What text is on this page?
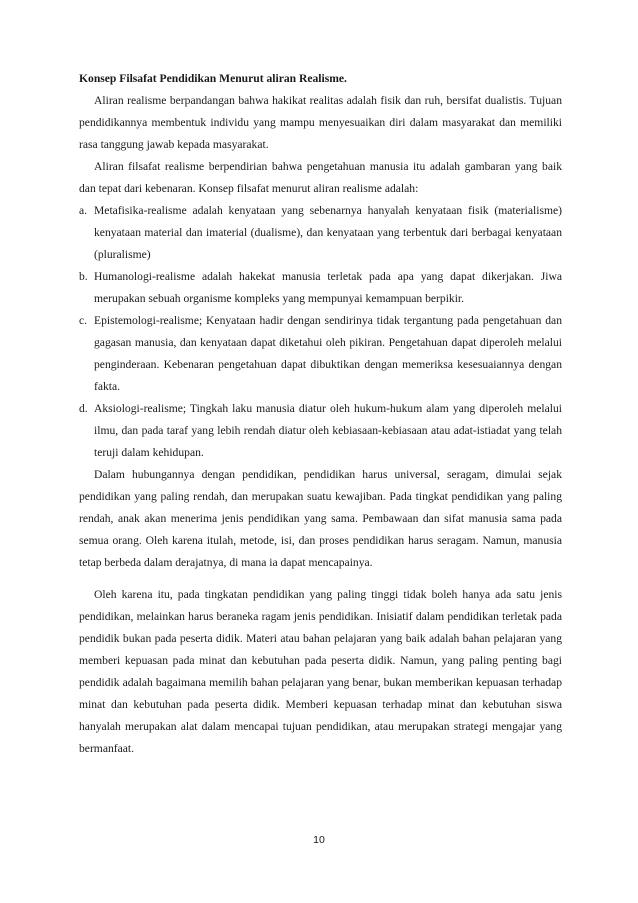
Konsep Filsafat Pendidikan Menurut aliran Realisme.

Aliran realisme berpandangan bahwa hakikat realitas adalah fisik dan ruh, bersifat dualistis. Tujuan pendidikannya membentuk individu yang mampu menyesuaikan diri dalam masyarakat dan memiliki rasa tanggung jawab kepada masyarakat.

Aliran filsafat realisme berpendirian bahwa pengetahuan manusia itu adalah gambaran yang baik dan tepat dari kebenaran. Konsep filsafat menurut aliran realisme adalah:

a. Metafisika-realisme adalah kenyataan yang sebenarnya hanyalah kenyataan fisik (materialisme) kenyataan material dan imaterial (dualisme), dan kenyataan yang terbentuk dari berbagai kenyataan (pluralisme)
b. Humanologi-realisme adalah hakekat manusia terletak pada apa yang dapat dikerjakan. Jiwa merupakan sebuah organisme kompleks yang mempunyai kemampuan berpikir.
c. Epistemologi-realisme; Kenyataan hadir dengan sendirinya tidak tergantung pada pengetahuan dan gagasan manusia, dan kenyataan dapat diketahui oleh pikiran. Pengetahuan dapat diperoleh melalui penginderaan. Kebenaran pengetahuan dapat dibuktikan dengan memeriksa kesesuaiannya dengan fakta.
d. Aksiologi-realisme; Tingkah laku manusia diatur oleh hukum-hukum alam yang diperoleh melalui ilmu, dan pada taraf yang lebih rendah diatur oleh kebiasaan-kebiasaan atau adat-istiadat yang telah teruji dalam kehidupan.

Dalam hubungannya dengan pendidikan, pendidikan harus universal, seragam, dimulai sejak pendidikan yang paling rendah, dan merupakan suatu kewajiban. Pada tingkat pendidikan yang paling rendah, anak akan menerima jenis pendidikan yang sama. Pembawaan dan sifat manusia sama pada semua orang. Oleh karena itulah, metode, isi, dan proses pendidikan harus seragam. Namun, manusia tetap berbeda dalam derajatnya, di mana ia dapat mencapainya.

Oleh karena itu, pada tingkatan pendidikan yang paling tinggi tidak boleh hanya ada satu jenis pendidikan, melainkan harus beraneka ragam jenis pendidikan. Inisiatif dalam pendidikan terletak pada pendidik bukan pada peserta didik. Materi atau bahan pelajaran yang baik adalah bahan pelajaran yang memberi kepuasan pada minat dan kebutuhan pada peserta didik. Namun, yang paling penting bagi pendidik adalah bagaimana memilih bahan pelajaran yang benar, bukan memberikan kepuasan terhadap minat dan kebutuhan pada peserta didik. Memberi kepuasan terhadap minat dan kebutuhan siswa hanyalah merupakan alat dalam mencapai tujuan pendidikan, atau merupakan strategi mengajar yang bermanfaat.

10
